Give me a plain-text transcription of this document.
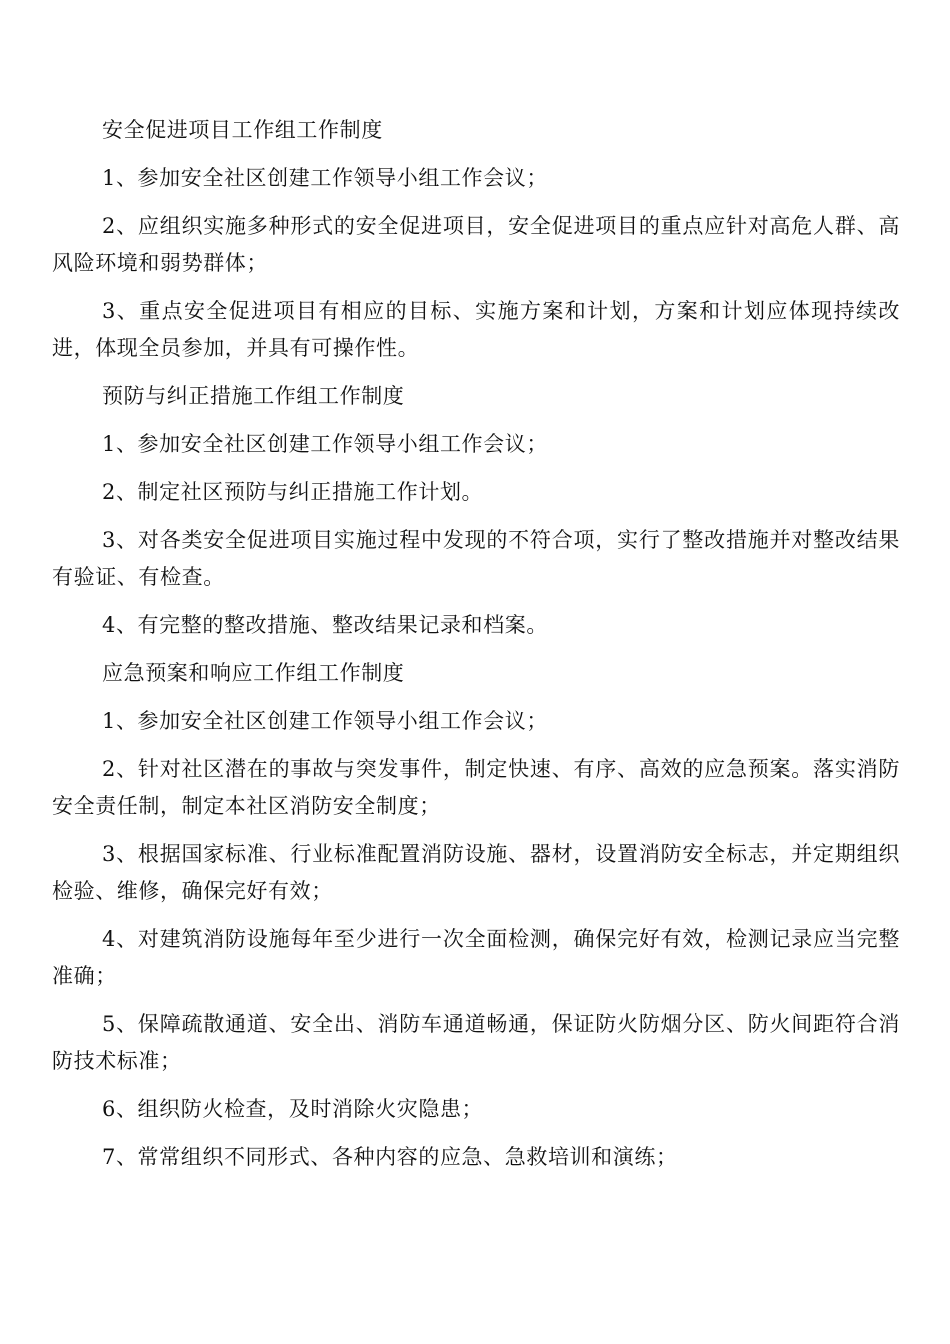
安全促进项目工作组工作制度

1、参加安全社区创建工作领导小组工作会议；

2、应组织实施多种形式的安全促进项目，安全促进项目的重点应针对高危人群、高风险环境和弱势群体；

3、重点安全促进项目有相应的目标、实施方案和计划，方案和计划应体现持续改进，体现全员参加，并具有可操作性。

预防与纠正措施工作组工作制度

1、参加安全社区创建工作领导小组工作会议；

2、制定社区预防与纠正措施工作计划。

3、对各类安全促进项目实施过程中发现的不符合项，实行了整改措施并对整改结果有验证、有检查。

4、有完整的整改措施、整改结果记录和档案。

应急预案和响应工作组工作制度

1、参加安全社区创建工作领导小组工作会议；

2、针对社区潜在的事故与突发事件，制定快速、有序、高效的应急预案。落实消防安全责任制，制定本社区消防安全制度；

3、根据国家标准、行业标准配置消防设施、器材，设置消防安全标志，并定期组织检验、维修，确保完好有效；

4、对建筑消防设施每年至少进行一次全面检测，确保完好有效，检测记录应当完整准确；

5、保障疏散通道、安全出、消防车通道畅通，保证防火防烟分区、防火间距符合消防技术标准；

6、组织防火检查，及时消除火灾隐患；

7、常常组织不同形式、各种内容的应急、急救培训和演练；
